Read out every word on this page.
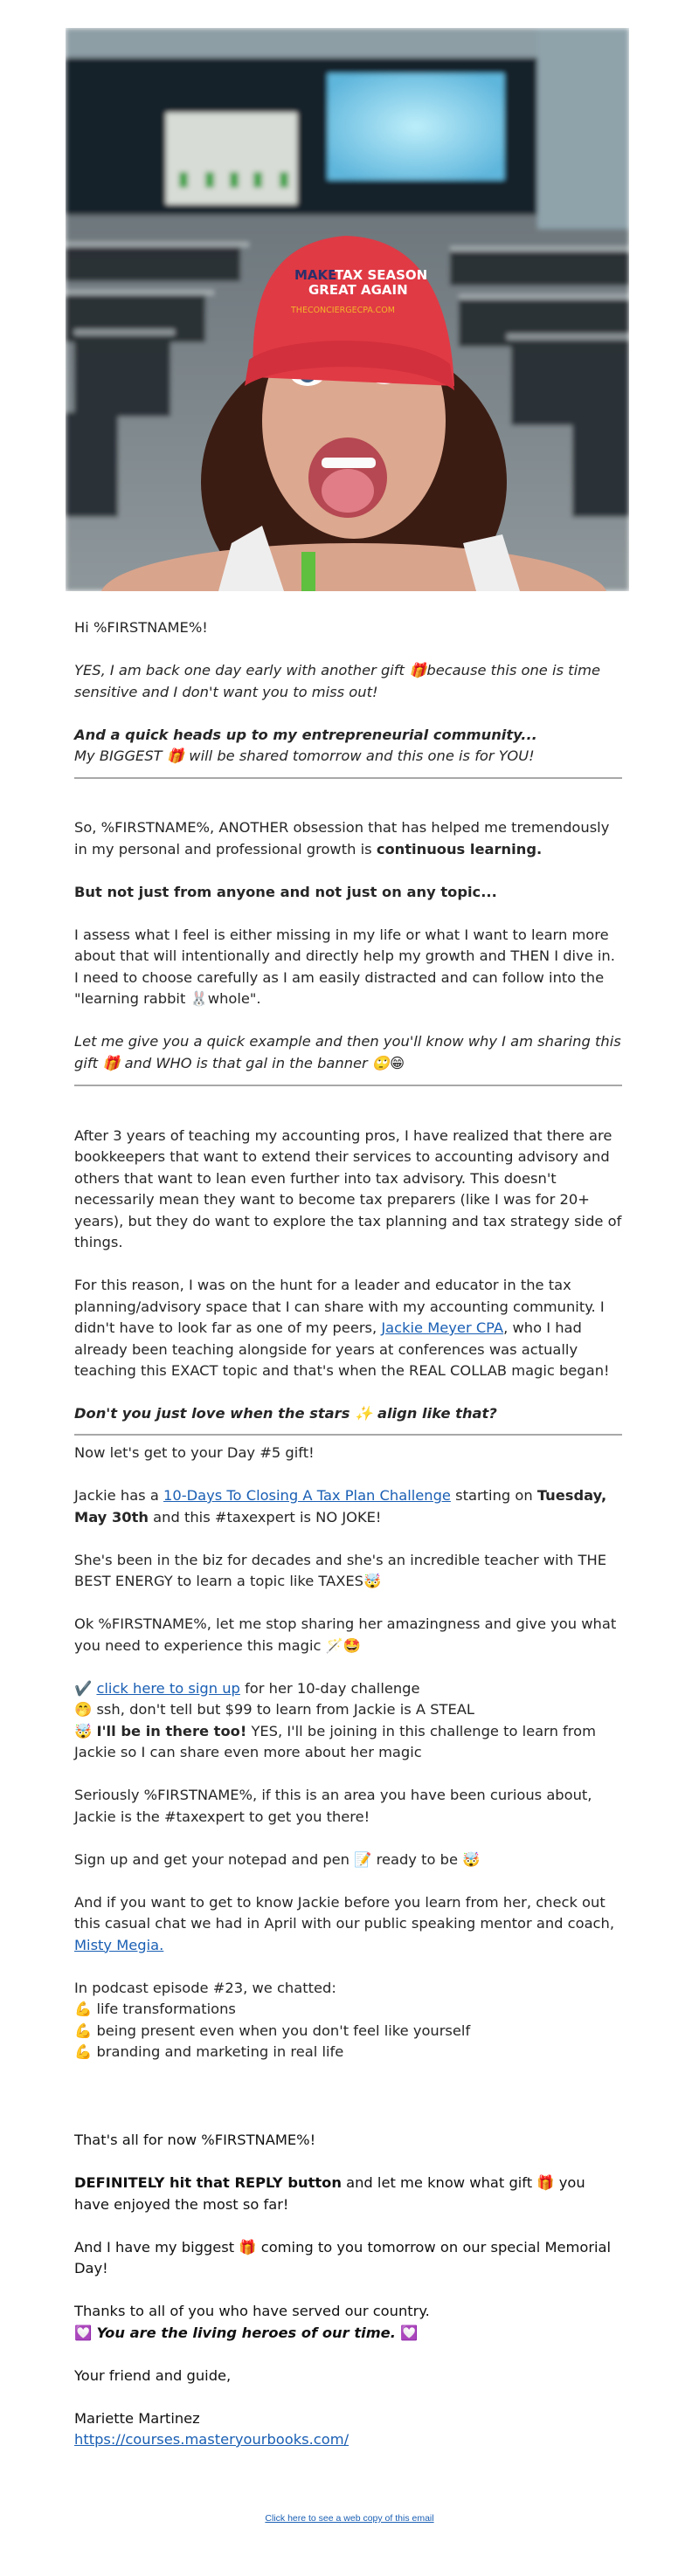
MAKE
TAX SEASON
GREAT AGAIN
THECONCIERGECPA.COM

Hi %FIRSTNAME%!

YES, I am back one day early with another gift 🎁because this one is time sensitive and I don't want you to miss out!

And a quick heads up to my entrepreneurial community...
My BIGGEST 🎁 will be shared tomorrow and this one is for YOU!

So, %FIRSTNAME%, ANOTHER obsession that has helped me tremendously in my personal and professional growth is continuous learning.

But not just from anyone and not just on any topic...

I assess what I feel is either missing in my life or what I want to learn more about that will intentionally and directly help my growth and THEN I dive in. I need to choose carefully as I am easily distracted and can follow into the "learning rabbit 🐰whole".

Let me give you a quick example and then you'll know why I am sharing this gift 🎁 and WHO is that gal in the banner 🙄😁

After 3 years of teaching my accounting pros, I have realized that there are bookkeepers that want to extend their services to accounting advisory and others that want to lean even further into tax advisory. This doesn't necessarily mean they want to become tax preparers (like I was for 20+ years), but they do want to explore the tax planning and tax strategy side of things.

For this reason, I was on the hunt for a leader and educator in the tax planning/advisory space that I can share with my accounting community. I didn't have to look far as one of my peers, Jackie Meyer CPA, who I had already been teaching alongside for years at conferences was actually teaching this EXACT topic and that's when the REAL COLLAB magic began!

Don't you just love when the stars ✨ align like that?

Now let's get to your Day #5 gift!

Jackie has a 10-Days To Closing A Tax Plan Challenge starting on Tuesday, May 30th and this #taxexpert is NO JOKE!

She's been in the biz for decades and she's an incredible teacher with THE BEST ENERGY to learn a topic like TAXES🤯

Ok %FIRSTNAME%, let me stop sharing her amazingness and give you what you need to experience this magic 🪄🤩

✔️ click here to sign up for her 10-day challenge
🤭 ssh, don't tell but $99 to learn from Jackie is A STEAL
🤯 I'll be in there too! YES, I'll be joining in this challenge to learn from Jackie so I can share even more about her magic

Seriously %FIRSTNAME%, if this is an area you have been curious about, Jackie is the #taxexpert to get you there!

Sign up and get your notepad and pen 📝 ready to be 🤯

And if you want to get to know Jackie before you learn from her, check out this casual chat we had in April with our public speaking mentor and coach, Misty Megia.

In podcast episode #23, we chatted:
💪 life transformations
💪 being present even when you don't feel like yourself
💪 branding and marketing in real life

That's all for now %FIRSTNAME%!

DEFINITELY hit that REPLY button and let me know what gift 🎁 you have enjoyed the most so far!

And I have my biggest 🎁 coming to you tomorrow on our special Memorial Day!

Thanks to all of you who have served our country.
💟 You are the living heroes of our time. 💟

Your friend and guide,

Mariette Martinez
https://courses.masteryourbooks.com/

Click here to see a web copy of this email
